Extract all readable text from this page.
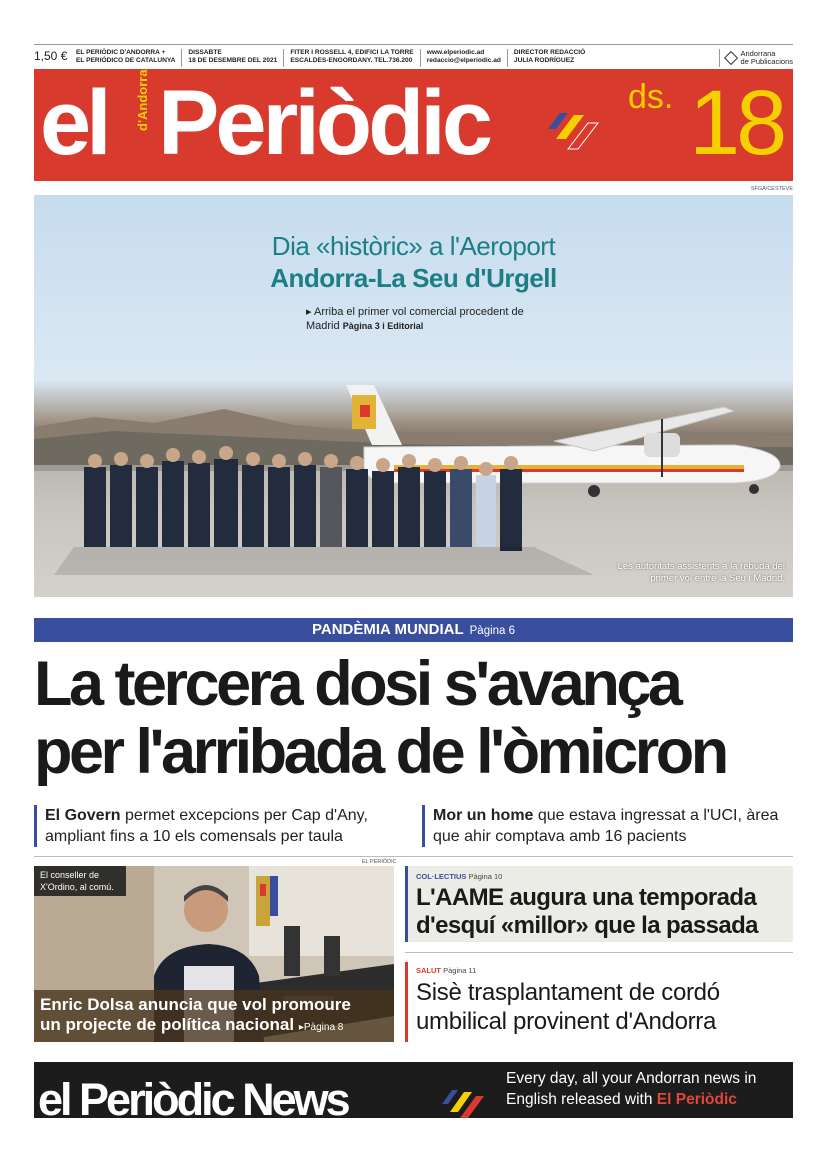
1,50 €	EL PERIÒDIC D'ANDORRA +
EL PERIÓDICO DE CATALUNYA
DISSABTE
18 DE DESEMBRE DEL 2021
FITER I ROSSELL 4, EDIFICI LA TORRE
ESCALDES-ENGORDANY. TEL.736.200
www.elperiodic.ad
redaccio@elperiodic.ad
DIRECTOR REDACCIÓ
JULIA RODRÍGUEZ
Andorrana
de Publicacions
el d'Andorra Periòdic	ds. 18
SFGA/CESTEVE
Dia «històric» a l'Aeroport
Andorra-La Seu d'Urgell
▸ Arriba el primer vol comercial procedent de Madrid Pàgina 3 i Editorial
Les autoritats assistents a la rebuda del
primer vol entre la Seu i Madrid.
PANDÈMIA MUNDIAL Pàgina 6
La tercera dosi s'avança
per l'arribada de l'òmicron
El Govern permet excepcions per Cap d'Any, ampliant fins a 10 els comensals per taula
Mor un home que estava ingressat a l'UCI, àrea que ahir comptava amb 16 pacients
EL PERIÒDIC
El conseller de
X'Ordino, al comú.
Enric Dolsa anuncia que vol promoure
un projecte de política nacional ▸Pàgina 8
COL·LECTIUS Pàgina 10
L'AAME augura una temporada
d'esquí «millor» que la passada
SALUT Pàgina 11
Sisè trasplantament de cordó
umbilical provinent d'Andorra
el Periòdic News	Every day, all your Andorran news in
English released with El Periòdic
